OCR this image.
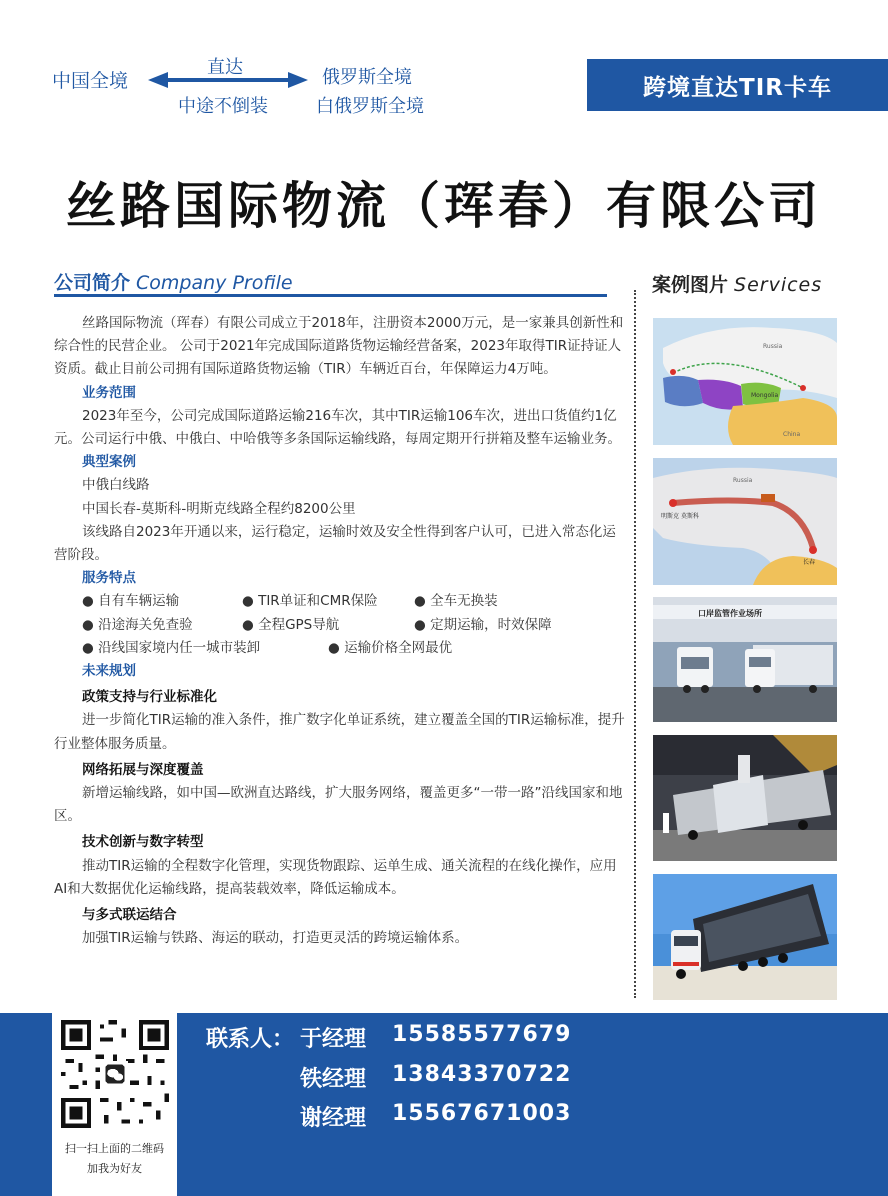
中国全境
直达
中途不倒装
俄罗斯全境
白俄罗斯全境
跨境直达TIR卡车
丝路国际物流（珲春）有限公司
公司简介 Company Profile	案例图片 Services
丝路国际物流（珲春）有限公司成立于2018年，注册资本2000万元，是一家兼具创新性和综合性的民营企业。 公司于2021年完成国际道路货物运输经营备案，2023年取得TIR证持证人资质。截止目前公司拥有国际道路货物运输（TIR）车辆近百台，年保障运力4万吨。
业务范围
2023年至今，公司完成国际道路运输216车次，其中TIR运输106车次，进出口货值约1亿元。公司运行中俄、中俄白、中哈俄等多条国际运输线路，每周定期开行拼箱及整车运输业务。
典型案例
中俄白线路
中国长春-莫斯科-明斯克线路全程约8200公里
该线路自2023年开通以来，运行稳定，运输时效及安全性得到客户认可，已进入常态化运营阶段。
服务特点
● 自有车辆运输	● TIR单证和CMR保险	● 全车无换装
● 沿途海关免查验	● 全程GPS导航	● 定期运输，时效保障
● 沿线国家境内任一城市装卸	● 运输价格全网最优
未来规划
政策支持与行业标准化
进一步简化TIR运输的准入条件，推广数字化单证系统，建立覆盖全国的TIR运输标准，提升行业整体服务质量。
网络拓展与深度覆盖
新增运输线路，如中国—欧洲直达路线，扩大服务网络，覆盖更多“一带一路”沿线国家和地区。
技术创新与数字转型
推动TIR运输的全程数字化管理，实现货物跟踪、运单生成、通关流程的在线化操作，应用AI和大数据优化运输线路，提高装载效率，降低运输成本。
与多式联运结合
加强TIR运输与铁路、海运的联动，打造更灵活的跨境运输体系。
Russia
Mongolia
China
Russia
明斯克 莫斯科
长春
口岸监管作业场所
扫一扫上面的二维码
加我为好友
联系人： 于经理 15585577679
铁经理 13843370722
谢经理 15567671003
